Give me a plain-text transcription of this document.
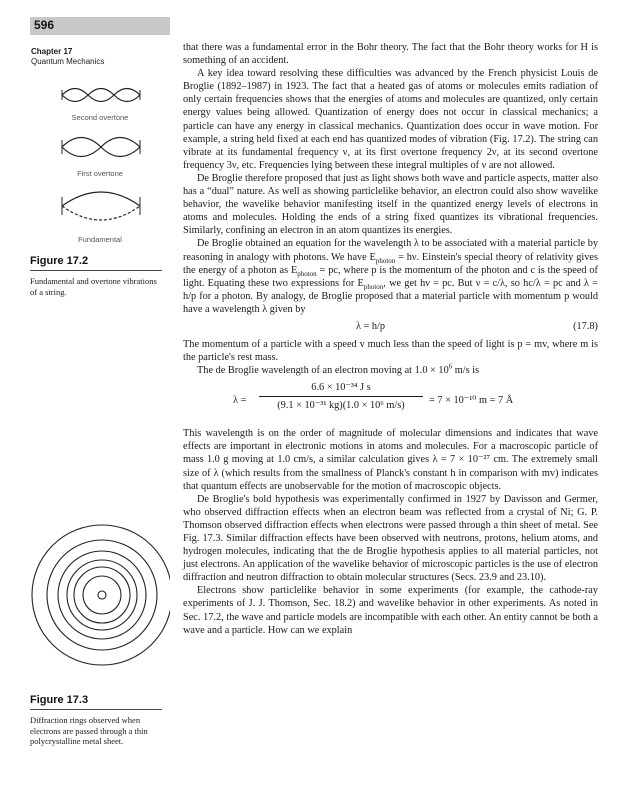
596
Chapter 17
Quantum Mechanics
Second overtone
First overtone
Fundamental
Figure 17.2
Fundamental and overtone vibrations of a string.
Figure 17.3
Diffraction rings observed when electrons are passed through a thin polycrystalline metal sheet.

that there was a fundamental error in the Bohr theory. The fact that the Bohr theory works for H is something of an accident.

A key idea toward resolving these difficulties was advanced by the French physicist Louis de Broglie (1892–1987) in 1923. The fact that a heated gas of atoms or molecules emits radiation of only certain frequencies shows that the energies of atoms and molecules are quantized, only certain energy values being allowed. Quantization of energy does not occur in classical mechanics; a particle can have any energy in classical mechanics. Quantization does occur in wave motion. For example, a string held fixed at each end has quantized modes of vibration (Fig. 17.2). The string can vibrate at its fundamental frequency ν, at its first overtone frequency 2ν, at its second overtone frequency 3ν, etc. Frequencies lying between these integral multiples of ν are not allowed.

De Broglie therefore proposed that just as light shows both wave and particle aspects, matter also has a “dual” nature. As well as showing particlelike behavior, an electron could also show wavelike behavior, the wavelike behavior manifesting itself in the quantized energy levels of electrons in atoms and molecules. Holding the ends of a string fixed quantizes its vibrational frequencies. Similarly, confining an electron in an atom quantizes its energies.

De Broglie obtained an equation for the wavelength λ to be associated with a material particle by reasoning in analogy with photons. We have $E_{photon} = h\nu$. Einstein's special theory of relativity gives the energy of a photon as $E_{photon}$ = pc, where p is the momentum of the photon and c is the speed of light. Equating these two expressions for $E_{photon}$, we get hν = pc. But ν = c/λ, so hc/λ = pc and λ = h/p for a photon. By analogy, de Broglie proposed that a material particle with momentum p would have a wavelength λ given by

λ = h/p	(17.8)

The momentum of a particle with a speed v much less than the speed of light is p = mv, where m is the particle's rest mass.

The de Broglie wavelength of an electron moving at $1.0 \times 10^6$ m/s is

$\lambda = \frac{\text{6.6 × 10⁻³⁴ J s}}{\text{(9.1 × 10⁻³¹ kg)(1.0 × 10⁶ m/s)}} = 7 \times 10^{-10}$ m = 7 Å

This wavelength is on the order of magnitude of molecular dimensions and indicates that wave effects are important in electronic motions in atoms and molecules. For a macroscopic particle of mass 1.0 g moving at 1.0 cm/s, a similar calculation gives λ = 7 × 10⁻²⁷ cm. The extremely small size of λ (which results from the smallness of Planck's constant h in comparison with mv) indicates that quantum effects are unobservable for the motion of macroscopic objects.

De Broglie's bold hypothesis was experimentally confirmed in 1927 by Davisson and Germer, who observed diffraction effects when an electron beam was reflected from a crystal of Ni; G. P. Thomson observed diffraction effects when electrons were passed through a thin sheet of metal. See Fig. 17.3. Similar diffraction effects have been observed with neutrons, protons, helium atoms, and hydrogen molecules, indicating that the de Broglie hypothesis applies to all material particles, not just electrons. An application of the wavelike behavior of microscopic particles is the use of electron diffraction and neutron diffraction to obtain molecular structures (Secs. 23.9 and 23.10).

Electrons show particlelike behavior in some experiments (for example, the cathode-ray experiments of J. J. Thomson, Sec. 18.2) and wavelike behavior in other experiments. As noted in Sec. 17.2, the wave and particle models are incompatible with each other. An entity cannot be both a wave and a particle. How can we explain
